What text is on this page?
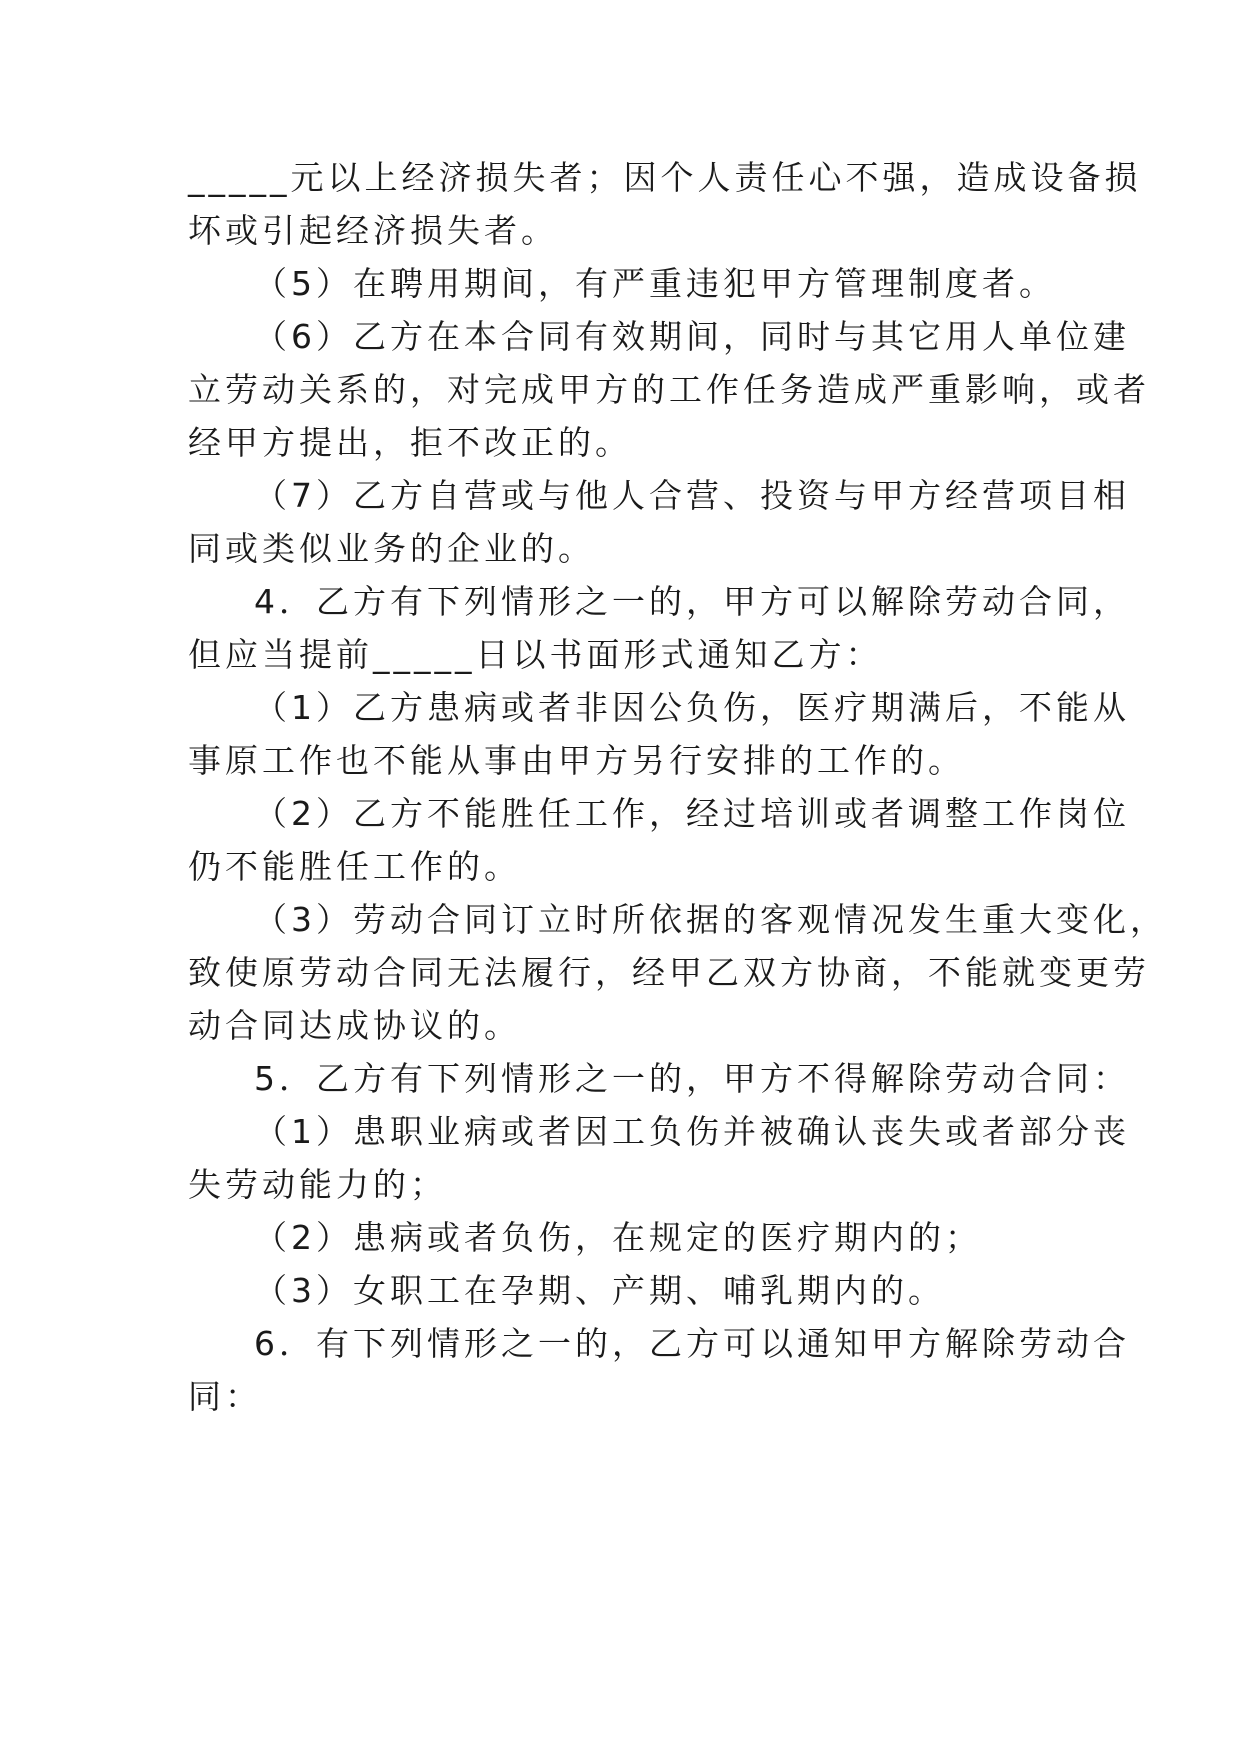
_____元以上经济损失者；因个人责任心不强，造成设备损
坏或引起经济损失者。
（5）在聘用期间，有严重违犯甲方管理制度者。
（6）乙方在本合同有效期间，同时与其它用人单位建
立劳动关系的，对完成甲方的工作任务造成严重影响，或者
经甲方提出，拒不改正的。
（7）乙方自营或与他人合营、投资与甲方经营项目相
同或类似业务的企业的。
4．乙方有下列情形之一的，甲方可以解除劳动合同，
但应当提前_____日以书面形式通知乙方：
（1）乙方患病或者非因公负伤，医疗期满后，不能从
事原工作也不能从事由甲方另行安排的工作的。
（2）乙方不能胜任工作，经过培训或者调整工作岗位
仍不能胜任工作的。
（3）劳动合同订立时所依据的客观情况发生重大变化，
致使原劳动合同无法履行，经甲乙双方协商，不能就变更劳
动合同达成协议的。
5．乙方有下列情形之一的，甲方不得解除劳动合同：
（1）患职业病或者因工负伤并被确认丧失或者部分丧
失劳动能力的；
（2）患病或者负伤，在规定的医疗期内的；
（3）女职工在孕期、产期、哺乳期内的。
6．有下列情形之一的，乙方可以通知甲方解除劳动合
同：
